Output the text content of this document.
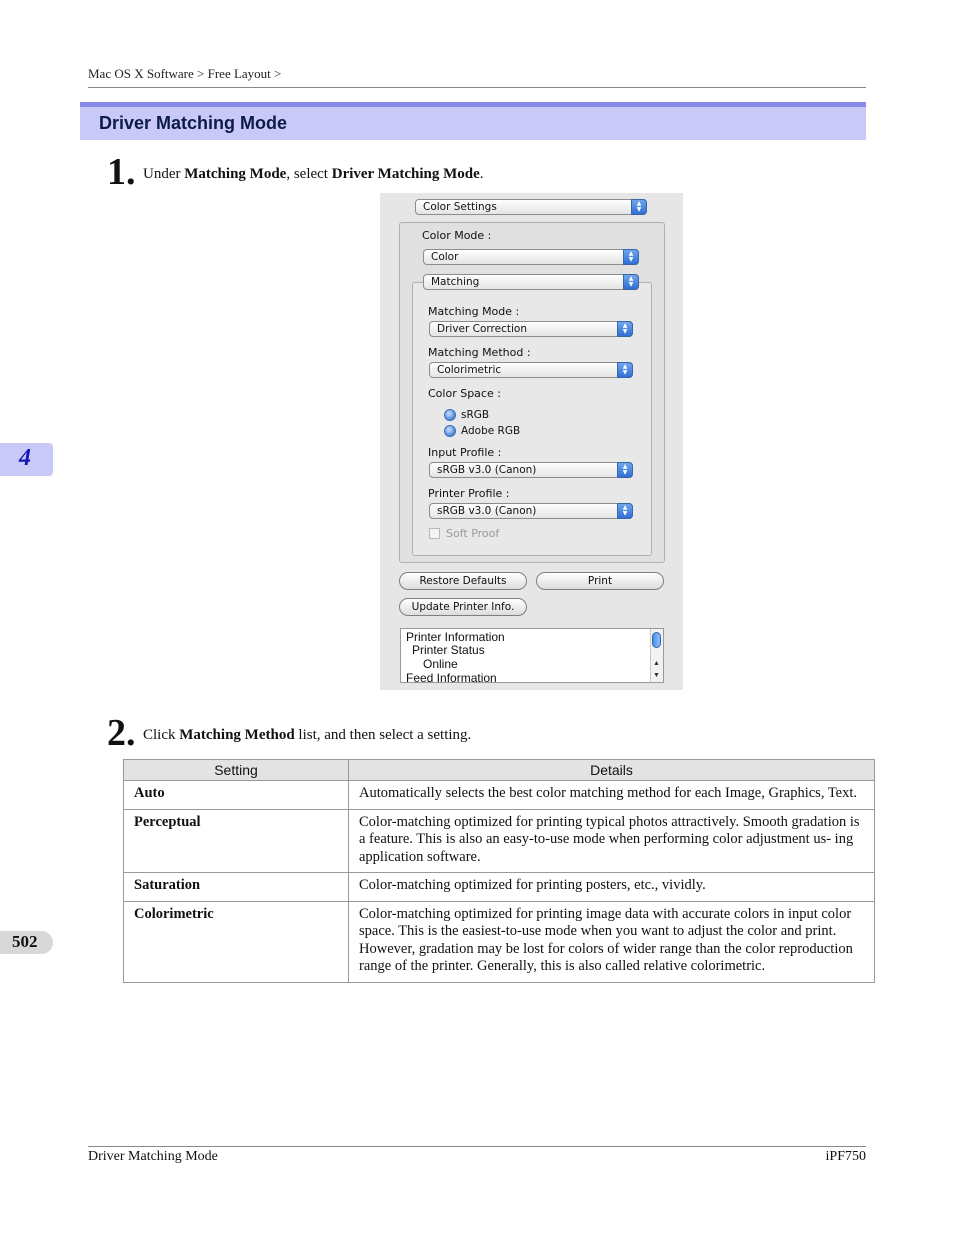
Mac OS X Software > Free Layout >
Driver Matching Mode
4
502
1. Under Matching Mode, select Driver Matching Mode.
Color Settings	▲
▼
Color Mode :
Color	▲
▼
Matching	▲
▼
Matching Mode :
Driver Correction	▲
▼
Matching Method :
Colorimetric	▲
▼
Color Space :
sRGB
Adobe RGB
Input Profile :
sRGB v3.0 (Canon)	▲
▼
Printer Profile :
sRGB v3.0 (Canon)	▲
▼
Soft Proof
Restore Defaults	Print
Update Printer Info.
Printer Information
Printer Status
Online
Feed Information
▲
▼
2. Click Matching Method list, and then select a setting.
Setting	Details
Auto	Automatically selects the best color matching method for each Image, Graphics, Text.
Perceptual	Color-matching optimized for printing typical photos attractively. Smooth gradation is a feature. This is also an easy-to-use mode when performing color adjustment us- ing application software.
Saturation	Color-matching optimized for printing posters, etc., vividly.
Colorimetric	Color-matching optimized for printing image data with accurate colors in input color space. This is the easiest-to-use mode when you want to adjust the color and print. However, gradation may be lost for colors of wider range than the color reproduction range of the printer. Generally, this is also called relative colorimetric.
Driver Matching Mode	iPF750
